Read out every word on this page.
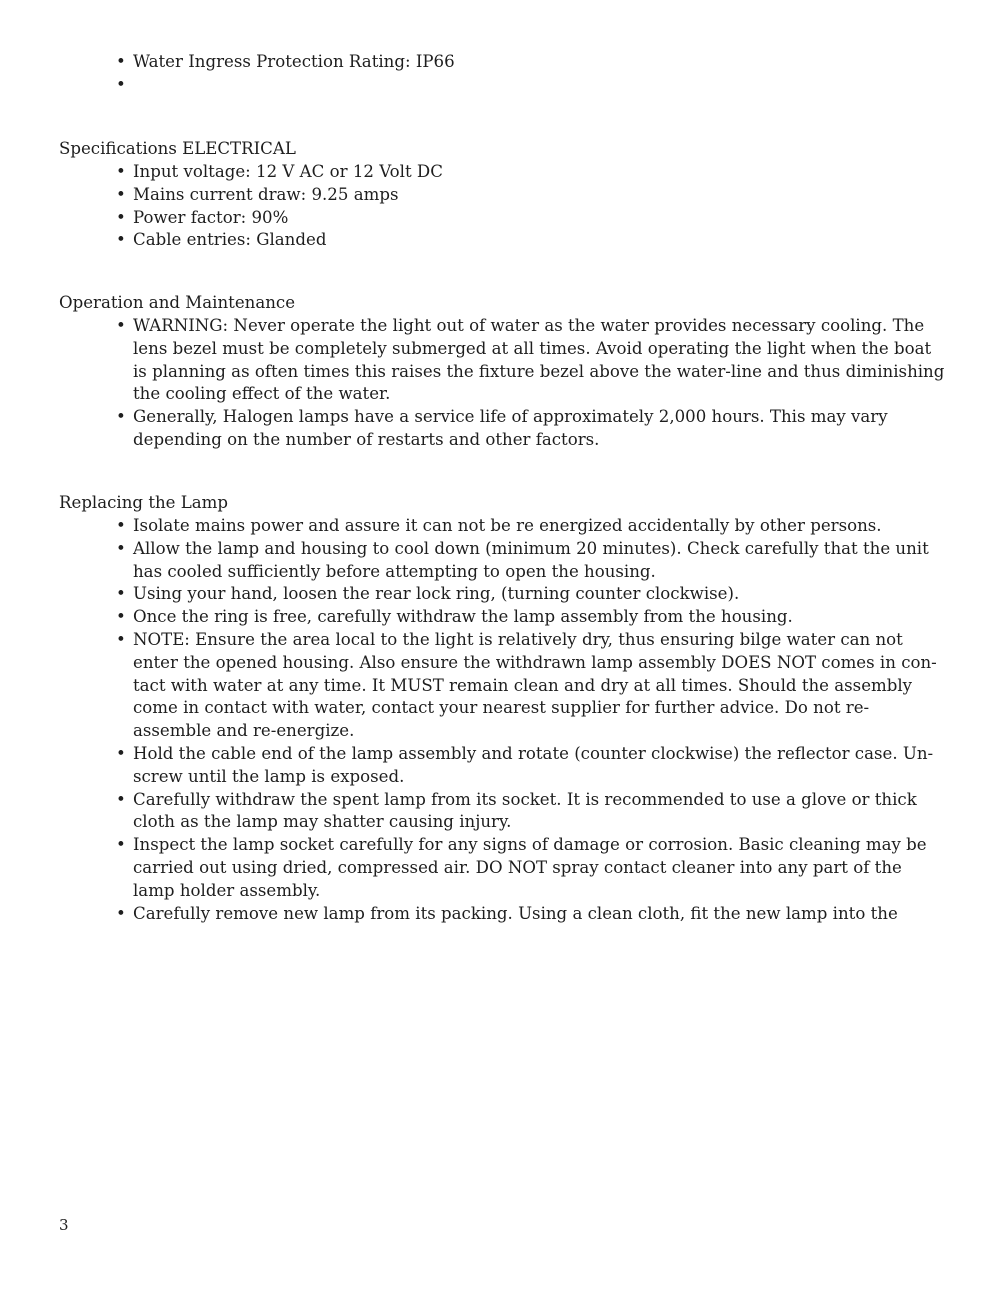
• Water Ingress Protection Rating: IP66
•
Specifications ELECTRICAL
• Input voltage: 12 V AC or 12 Volt DC
• Mains current draw: 9.25 amps
• Power factor: 90%
• Cable entries: Glanded
Operation and Maintenance
• WARNING: Never operate the light out of water as the water provides necessary cooling. The lens bezel must be completely submerged at all times. Avoid operating the light when the boat is planning as often times this raises the fixture bezel above the water-line and thus diminishing the cooling effect of the water.
• Generally, Halogen lamps have a service life of approximately 2,000 hours. This may vary depending on the number of restarts and other factors.
Replacing the Lamp
• Isolate mains power and assure it can not be re energized accidentally by other persons.
• Allow the lamp and housing to cool down (minimum 20 minutes). Check carefully that the unit has cooled sufficiently before attempting to open the housing.
• Using your hand, loosen the rear lock ring, (turning counter clockwise).
• Once the ring is free, carefully withdraw the lamp assembly from the housing.
• NOTE: Ensure the area local to the light is relatively dry, thus ensuring bilge water can not enter the opened housing. Also ensure the withdrawn lamp assembly DOES NOT comes in con-tact with water at any time. It MUST remain clean and dry at all times. Should the assembly come in contact with water, contact your nearest supplier for further advice. Do not re-assemble and re-energize.
• Hold the cable end of the lamp assembly and rotate (counter clockwise) the reflector case. Un-screw until the lamp is exposed.
• Carefully withdraw the spent lamp from its socket. It is recommended to use a glove or thick cloth as the lamp may shatter causing injury.
• Inspect the lamp socket carefully for any signs of damage or corrosion. Basic cleaning may be carried out using dried, compressed air. DO NOT spray contact cleaner into any part of the lamp holder assembly.
• Carefully remove new lamp from its packing. Using a clean cloth, fit the new lamp into the
3
